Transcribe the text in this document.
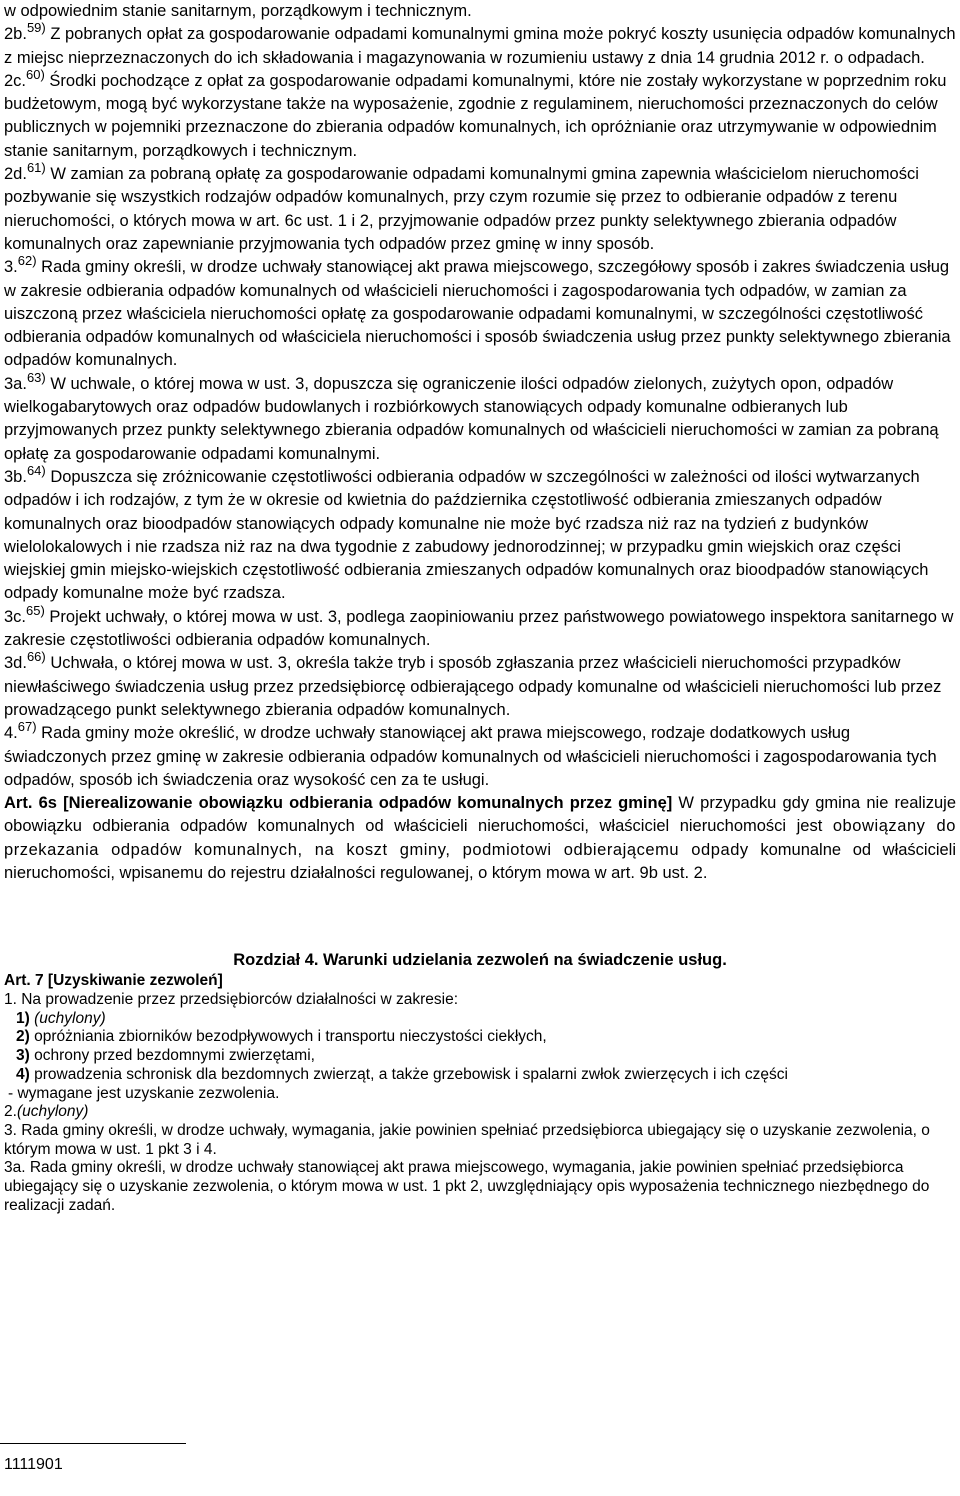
w odpowiednim stanie sanitarnym, porządkowym i technicznym.

2b.$^{59)}$ Z pobranych opłat za gospodarowanie odpadami komunalnymi gmina może pokryć koszty usunięcia odpadów komunalnych z miejsc nieprzeznaczonych do ich składowania i magazynowania w rozumieniu ustawy z dnia 14 grudnia 2012 r. o odpadach.

2c.$^{60)}$ Środki pochodzące z opłat za gospodarowanie odpadami komunalnymi, które nie zostały wykorzystane w poprzednim roku budżetowym, mogą być wykorzystane także na wyposażenie, zgodnie z regulaminem, nieruchomości przeznaczonych do celów publicznych w pojemniki przeznaczone do zbierania odpadów komunalnych, ich opróżnianie oraz utrzymywanie w odpowiednim stanie sanitarnym, porządkowych i technicznym.

2d.$^{61)}$ W zamian za pobraną opłatę za gospodarowanie odpadami komunalnymi gmina zapewnia właścicielom nieruchomości pozbywanie się wszystkich rodzajów odpadów komunalnych, przy czym rozumie się przez to odbieranie odpadów z terenu nieruchomości, o których mowa w art. 6c ust. 1 i 2, przyjmowanie odpadów przez punkty selektywnego zbierania odpadów komunalnych oraz zapewnianie przyjmowania tych odpadów przez gminę w inny sposób.

3.$^{62)}$ Rada gminy określi, w drodze uchwały stanowiącej akt prawa miejscowego, szczegółowy sposób i zakres świadczenia usług w zakresie odbierania odpadów komunalnych od właścicieli nieruchomości i zagospodarowania tych odpadów, w zamian za uiszczoną przez właściciela nieruchomości opłatę za gospodarowanie odpadami komunalnymi, w szczególności częstotliwość odbierania odpadów komunalnych od właściciela nieruchomości i sposób świadczenia usług przez punkty selektywnego zbierania odpadów komunalnych.

3a.$^{63)}$ W uchwale, o której mowa w ust. 3, dopuszcza się ograniczenie ilości odpadów zielonych, zużytych opon, odpadów wielkogabarytowych oraz odpadów budowlanych i rozbiórkowych stanowiących odpady komunalne odbieranych lub przyjmowanych przez punkty selektywnego zbierania odpadów komunalnych od właścicieli nieruchomości w zamian za pobraną opłatę za gospodarowanie odpadami komunalnymi.

3b.$^{64)}$ Dopuszcza się zróżnicowanie częstotliwości odbierania odpadów w szczególności w zależności od ilości wytwarzanych odpadów i ich rodzajów, z tym że w okresie od kwietnia do października częstotliwość odbierania zmieszanych odpadów komunalnych oraz bioodpadów stanowiących odpady komunalne nie może być rzadsza niż raz na tydzień z budynków wielolokalowych i nie rzadsza niż raz na dwa tygodnie z zabudowy jednorodzinnej; w przypadku gmin wiejskich oraz części wiejskiej gmin miejsko-wiejskich częstotliwość odbierania zmieszanych odpadów komunalnych oraz bioodpadów stanowiących odpady komunalne może być rzadsza.

3c.$^{65)}$ Projekt uchwały, o której mowa w ust. 3, podlega zaopiniowaniu przez państwowego powiatowego inspektora sanitarnego w zakresie częstotliwości odbierania odpadów komunalnych.

3d.$^{66)}$ Uchwała, o której mowa w ust. 3, określa także tryb i sposób zgłaszania przez właścicieli nieruchomości przypadków niewłaściwego świadczenia usług przez przedsiębiorcę odbierającego odpady komunalne od właścicieli nieruchomości lub przez prowadzącego punkt selektywnego zbierania odpadów komunalnych.

4.$^{67)}$ Rada gminy może określić, w drodze uchwały stanowiącej akt prawa miejscowego, rodzaje dodatkowych usług świadczonych przez gminę w zakresie odbierania odpadów komunalnych od właścicieli nieruchomości i zagospodarowania tych odpadów, sposób ich świadczenia oraz wysokość cen za te usługi.

Art. 6s [Nierealizowanie obowiązku odbierania odpadów komunalnych przez gminę] W przypadku gdy gmina nie realizuje obowiązku odbierania odpadów komunalnych od właścicieli nieruchomości, właściciel nieruchomości jest obowiązany do przekazania odpadów komunalnych, na koszt gminy, podmiotowi odbierającemu odpady komunalne od właścicieli nieruchomości, wpisanemu do rejestru działalności regulowanej, o którym mowa w art. 9b ust. 2.

Rozdział 4. Warunki udzielania zezwoleń na świadczenie usług.

Art. 7 [Uzyskiwanie zezwoleń]

1. Na prowadzenie przez przedsiębiorców działalności w zakresie:

1) (uchylony)

2) opróżniania zbiorników bezodpływowych i transportu nieczystości ciekłych,

3) ochrony przed bezdomnymi zwierzętami,

4) prowadzenia schronisk dla bezdomnych zwierząt, a także grzebowisk i spalarni zwłok zwierzęcych i ich części

- wymagane jest uzyskanie zezwolenia.

2.(uchylony)

3. Rada gminy określi, w drodze uchwały, wymagania, jakie powinien spełniać przedsiębiorca ubiegający się o uzyskanie zezwolenia, o którym mowa w ust. 1 pkt 3 i 4.

3a. Rada gminy określi, w drodze uchwały stanowiącej akt prawa miejscowego, wymagania, jakie powinien spełniać przedsiębiorca ubiegający się o uzyskanie zezwolenia, o którym mowa w ust. 1 pkt 2, uwzględniający opis wyposażenia technicznego niezbędnego do realizacji zadań.

1111901
